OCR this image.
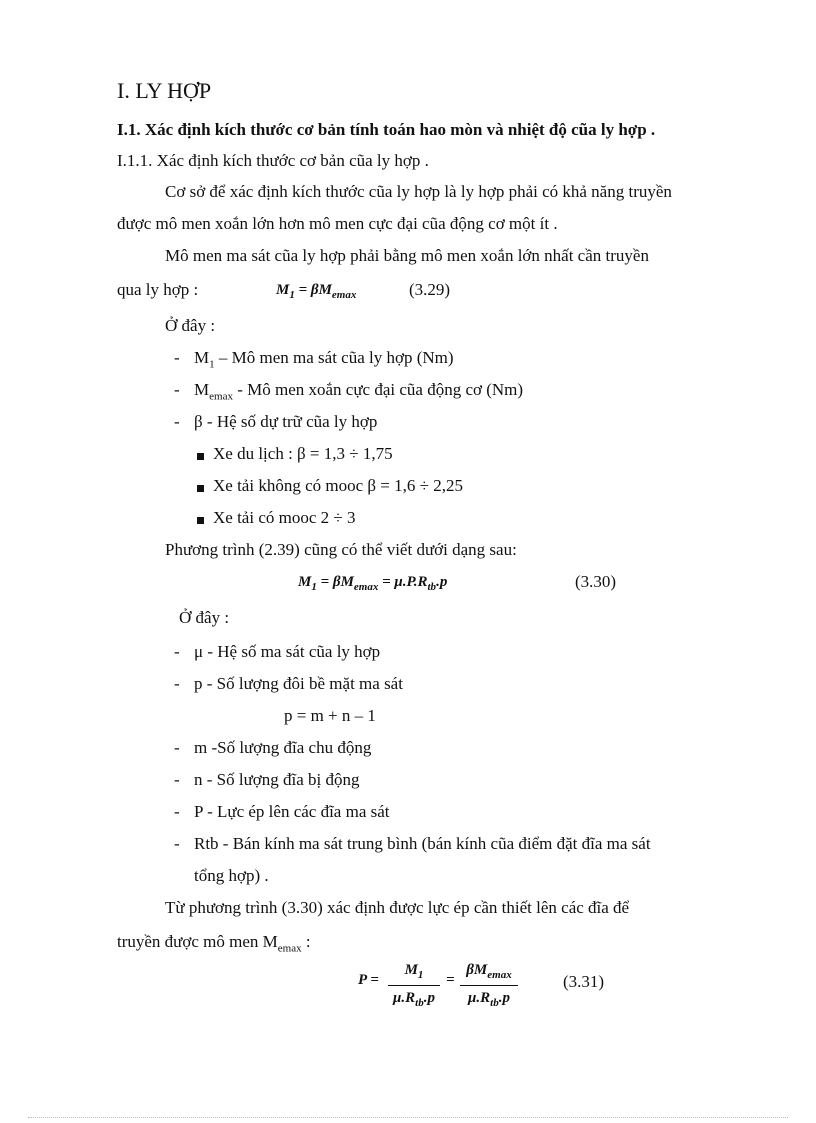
I. LY HỢP
I.1. Xác định kích thước cơ bản tính toán hao mòn và nhiệt độ cũa ly hợp .
I.1.1. Xác định kích thước cơ bản cũa ly hợp .
Cơ sở để xác định kích thước cũa ly hợp là ly hợp phải có khả năng truyền
được mô men xoắn lớn hơn mô men cực đại cũa động cơ một ít .
Mô men ma sát cũa ly hợp phải bằng mô men xoắn lớn nhất cần truyền
qua ly hợp :	$M_1 = \beta M_{emax}$	(3.29)
Ở đây :
- $M_1$ – Mô men ma sát cũa ly hợp (Nm)
- $M_{emax}$ - Mô men xoắn cực đại cũa động cơ (Nm)
- β - Hệ số dự trữ cũa ly hợp
Xe du lịch : β = 1,3 ÷ 1,75
Xe tải không có mooc β = 1,6 ÷ 2,25
Xe tải có mooc 2 ÷ 3
Phương trình (2.39) cũng có thể viết dưới dạng sau:
$M_1 = \beta M_{emax} = \mu.P.R_{tb}.p$	(3.30)
Ở đây :
- μ - Hệ số ma sát cũa ly hợp
- p - Số lượng đôi bề mặt ma sát
p = m + n – 1
- m -Số lượng đĩa chu động
- n - Số lượng đĩa bị động
- P - Lực ép lên các đĩa ma sát
- Rtb - Bán kính ma sát trung bình (bán kính cũa điểm đặt đĩa ma sát
tổng hợp) .
Từ phương trình (3.30) xác định được lực ép cần thiết lên các đĩa để
truyền được mô men $M_{emax}$ :
P =
$M_1$
$\mu.R_{tb}.p$
=
$\beta M_{emax}$
$\mu.R_{tb}.p$
(3.31)
